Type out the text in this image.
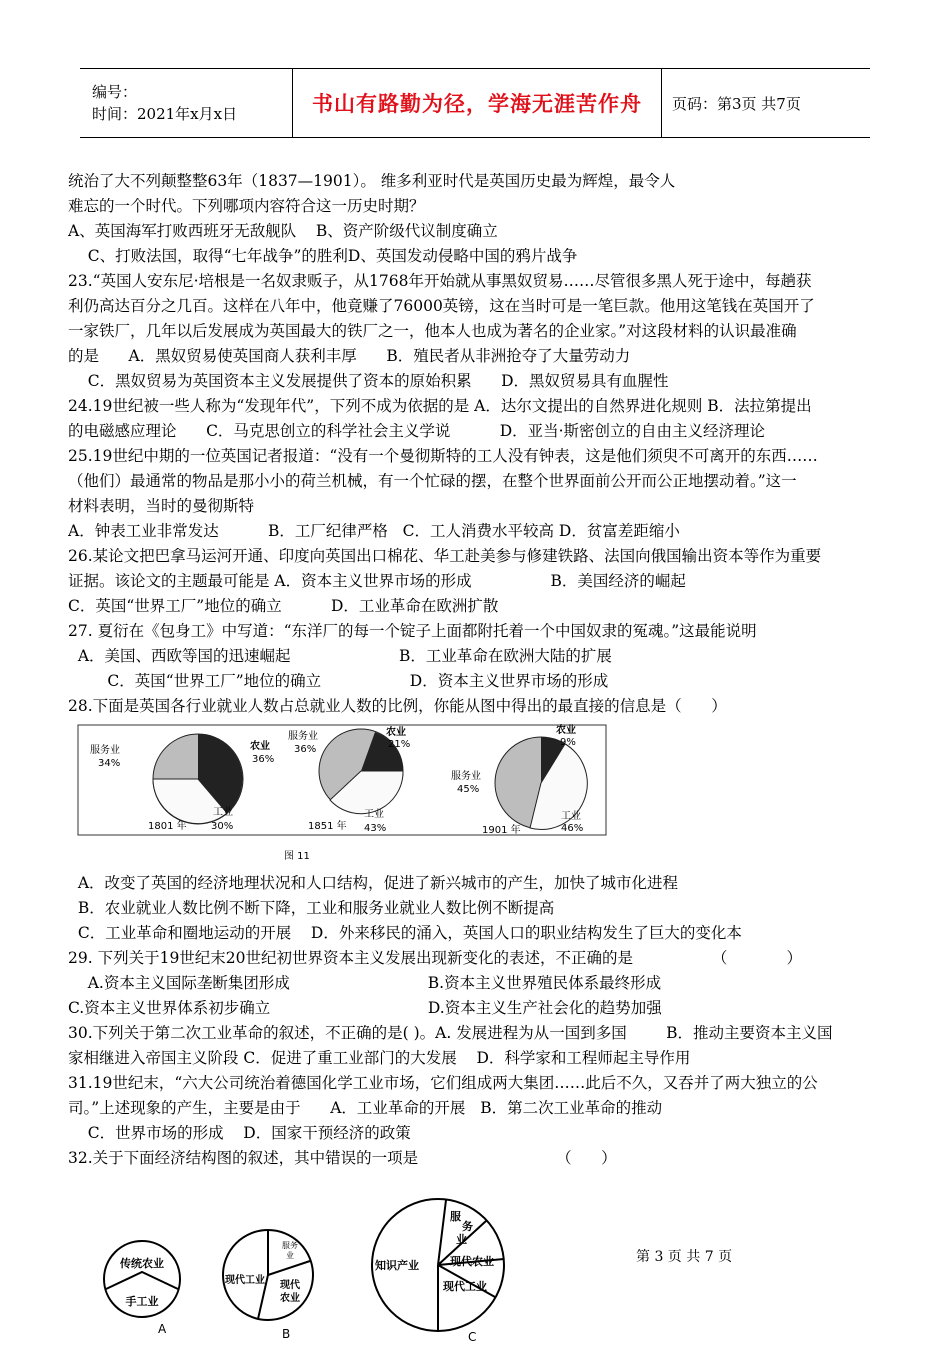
编号：
时间：2021年x月x日	书山有路勤为径，学海无涯苦作舟 页码：第3页 共7页
统治了大不列颠整整63年（1837—1901）。 维多利亚时代是英国历史最为辉煌，最令人
难忘的一个时代。下列哪项内容符合这一历史时期？
A、英国海军打败西班牙无敌舰队    B、资产阶级代议制度确立
C、打败法国，取得“七年战争”的胜利D、英国发动侵略中国的鸦片战争
23.“英国人安东尼·培根是一名奴隶贩子，从1768年开始就从事黑奴贸易……尽管很多黑人死于途中，每趟获
利仍高达百分之几百。这样在八年中，他竟赚了76000英镑，这在当时可是一笔巨款。他用这笔钱在英国开了
一家铁厂，几年以后发展成为英国最大的铁厂之一，他本人也成为著名的企业家。”对这段材料的认识最准确
的是      A．黑奴贸易使英国商人获利丰厚      B．殖民者从非洲抢夺了大量劳动力
C．黑奴贸易为英国资本主义发展提供了资本的原始积累      D．黑奴贸易具有血腥性
24.19世纪被一些人称为“发现年代”，下列不成为依据的是 A．达尔文提出的自然界进化规则 B．法拉第提出
的电磁感应理论      C．马克思创立的科学社会主义学说          D．亚当·斯密创立的自由主义经济理论
25.19世纪中期的一位英国记者报道：“没有一个曼彻斯特的工人没有钟表，这是他们须臾不可离开的东西……
（他们）最通常的物品是那小小的荷兰机械，有一个忙碌的摆，在整个世界面前公开而公正地摆动着。”这一
材料表明，当时的曼彻斯特
A．钟表工业非常发达          B．工厂纪律严格   C．工人消费水平较高 D．贫富差距缩小
26.某论文把巴拿马运河开通、印度向英国出口棉花、华工赴美参与修建铁路、法国向俄国输出资本等作为重要
证据。该论文的主题最可能是 A．资本主义世界市场的形成                B．美国经济的崛起
C．英国“世界工厂”地位的确立          D．工业革命在欧洲扩散
27. 夏衍在《包身工》中写道：“东洋厂的每一个锭子上面都附托着一个中国奴隶的冤魂。”这最能说明
A．美国、西欧等国的迅速崛起                      B．工业革命在欧洲大陆的扩展
C．英国“世界工厂”地位的确立                  D．资本主义世界市场的形成
28.下面是英国各行业就业人数占总就业人数的比例，你能从图中得出的最直接的信息是（      ）
服务业
34%
农业
36%
工业
1801 年 30%
服务业
36%
农业
21%
工业
1851 年 43%
服务业
45%
农业
9%
工业
1901 年	46%
图 11
A．改变了英国的经济地理状况和人口结构，促进了新兴城市的产生，加快了城市化进程
B．农业就业人数比例不断下降，工业和服务业就业人数比例不断提高
C．工业革命和圈地运动的开展    D．外来移民的涌入，英国人口的职业结构发生了巨大的变化本
29. 下列关于19世纪末20世纪初世界资本主义发展出现新变化的表述，不正确的是                （            ）
A.资本主义国际垄断集团形成                            B.资本主义世界殖民体系最终形成
C.资本主义世界体系初步确立                                D.资本主义生产社会化的趋势加强
30.下列关于第二次工业革命的叙述，不正确的是( )。A. 发展进程为从一国到多国        B．推动主要资本主义国
家相继进入帝国主义阶段 C．促进了重工业部门的大发展    D．科学家和工程师起主导作用
31.19世纪末，“六大公司统治着德国化学工业市场，它们组成两大集团……此后不久，又吞并了两大独立的公
司。”上述现象的产生，主要是由于      A．工业革命的开展   B．第二次工业革命的推动
C．世界市场的形成    D．国家干预经济的政策
32.关于下面经济结构图的叙述，其中错误的一项是                            （      ）
传统农业
手工业
A
服务
业
现代工业 现代
农业
B
知识产业
服
务
业
现代农业
现代工业
C
第 3 页 共 7 页
